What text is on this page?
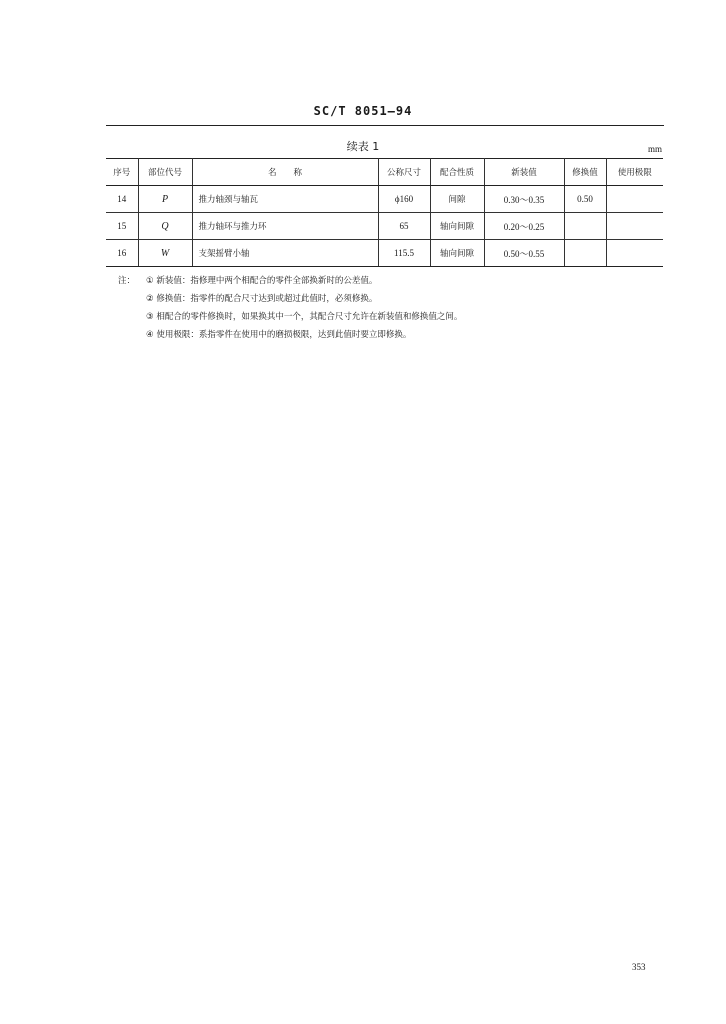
SC/T 8051—94
续表 1	mm
序号	部位代号	名　　称	公称尺寸	配合性质	新装值	修换值	使用极限
14	P	推力轴颈与轴瓦	ϕ160	间隙	0.30～0.35	0.50	
15	Q	推力轴环与推力环	65	轴向间隙	0.20～0.25		
16	W	支架摇臂小轴	115.5	轴向间隙	0.50～0.55		
注：	① 新装值：指修理中两个相配合的零件全部换新时的公差值。
② 修换值：指零件的配合尺寸达到或超过此值时，必须修换。
③ 相配合的零件修换时，如果换其中一个，其配合尺寸允许在新装值和修换值之间。
④ 使用极限：系指零件在使用中的磨损极限，达到此值时要立即修换。
353
